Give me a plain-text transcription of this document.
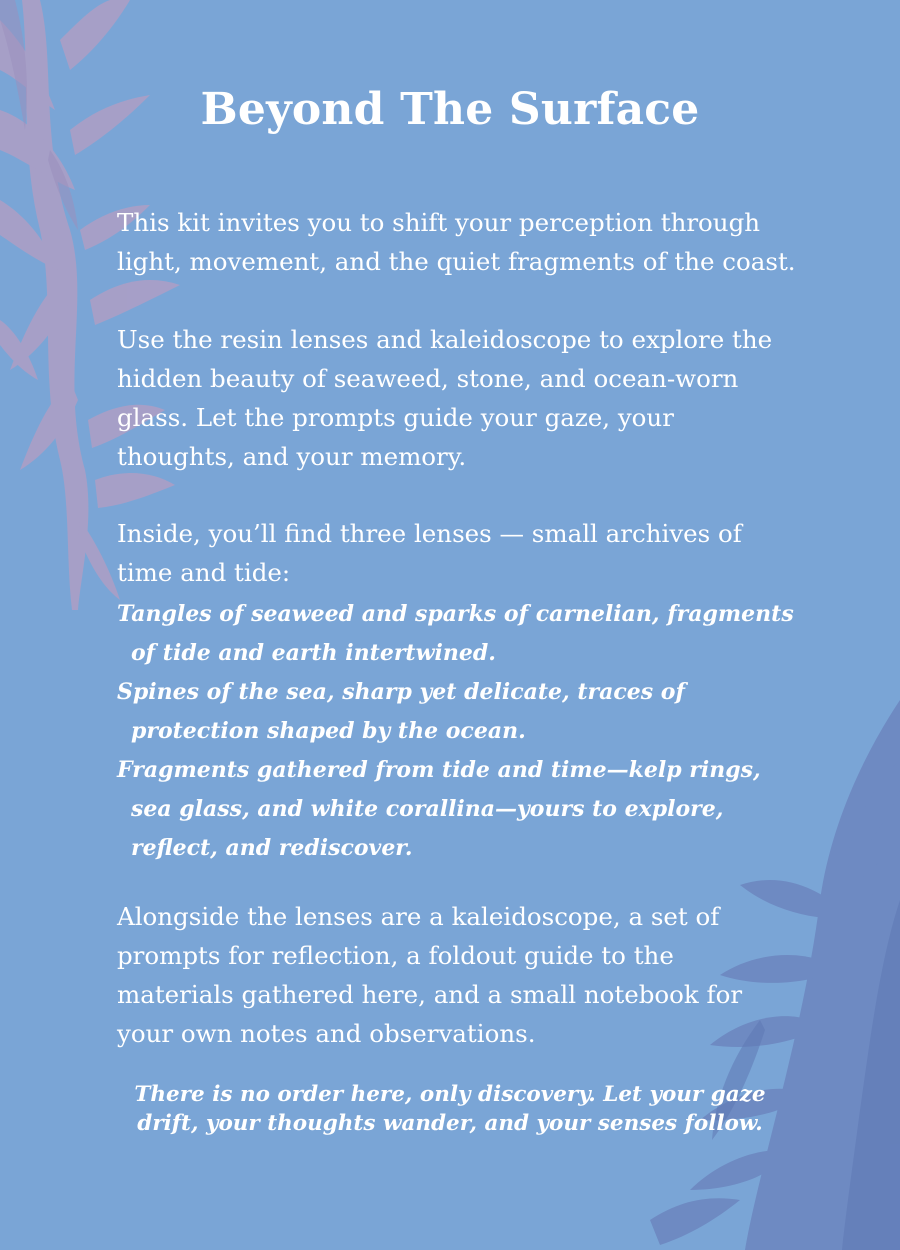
Beyond The Surface

This kit invites you to shift your perception through light, movement, and the quiet fragments of the coast.

Use the resin lenses and kaleidoscope to explore the hidden beauty of seaweed, stone, and ocean-worn glass. Let the prompts guide your gaze, your thoughts, and your memory.

Inside, you’ll find three lenses — small archives of time and tide:

Tangles of seaweed and sparks of carnelian, fragments of tide and earth intertwined.
Spines of the sea, sharp yet delicate, traces of protection shaped by the ocean.
Fragments gathered from tide and time—kelp rings, sea glass, and white corallina—yours to explore, reflect, and rediscover.

Alongside the lenses are a kaleidoscope, a set of prompts for reflection, a foldout guide to the materials gathered here, and a small notebook for your own notes and observations.

There is no order here, only discovery. Let your gaze drift, your thoughts wander, and your senses follow.
